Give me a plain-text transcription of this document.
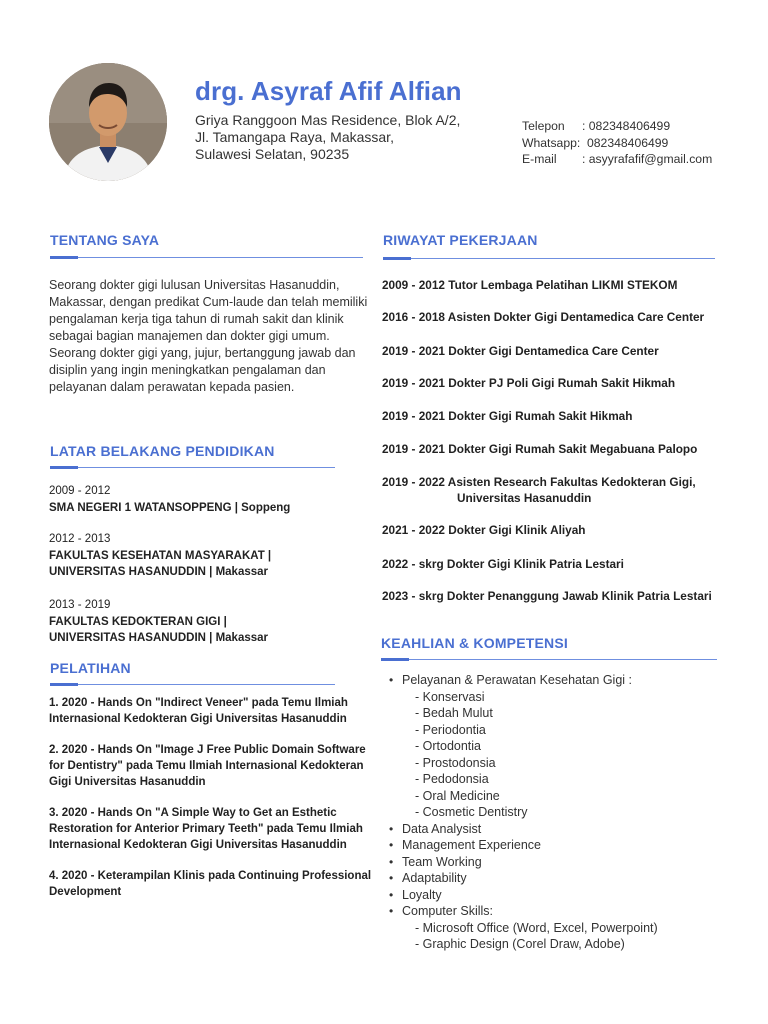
drg. Asyraf Afif Alfian
Griya Ranggoon Mas Residence, Blok A/2,
Jl. Tamangapa Raya, Makassar,
Sulawesi Selatan, 90235
Telepon	: 082348406499
Whatsapp: 082348406499
E-mail	: asyyrafafif@gmail.com
TENTANG SAYA
Seorang dokter gigi lulusan Universitas Hasanuddin, Makassar, dengan predikat Cum-laude dan telah memiliki pengalaman kerja tiga tahun di rumah sakit dan klinik sebagai bagian manajemen dan dokter gigi umum. Seorang dokter gigi yang, jujur, bertanggung jawab dan disiplin yang ingin meningkatkan pengalaman dan pelayanan dalam perawatan kepada pasien.
LATAR BELAKANG PENDIDIKAN
2009 - 2012
SMA NEGERI 1 WATANSOPPENG | Soppeng
2012 - 2013
FAKULTAS KESEHATAN MASYARAKAT |
UNIVERSITAS HASANUDDIN | Makassar
2013 - 2019
FAKULTAS KEDOKTERAN GIGI |
UNIVERSITAS HASANUDDIN | Makassar
PELATIHAN
1. 2020 - Hands On "Indirect Veneer" pada Temu Ilmiah Internasional Kedokteran Gigi Universitas Hasanuddin
2. 2020 - Hands On "Image J Free Public Domain Software for Dentistry" pada Temu Ilmiah Internasional Kedokteran Gigi Universitas Hasanuddin
3. 2020 - Hands On "A Simple Way to Get an Esthetic Restoration for Anterior Primary Teeth" pada Temu Ilmiah Internasional Kedokteran Gigi Universitas Hasanuddin
4. 2020 - Keterampilan Klinis pada Continuing Professional Development
RIWAYAT PEKERJAAN
2009 - 2012 Tutor Lembaga Pelatihan LIKMI STEKOM
2016 - 2018 Asisten Dokter Gigi Dentamedica Care Center
2019 - 2021 Dokter Gigi Dentamedica Care Center
2019 - 2021 Dokter PJ Poli Gigi Rumah Sakit Hikmah
2019 - 2021 Dokter Gigi Rumah Sakit Hikmah
2019 - 2021 Dokter Gigi Rumah Sakit Megabuana Palopo
2019 - 2022 Asisten Research Fakultas Kedokteran Gigi,
Universitas Hasanuddin
2021 - 2022 Dokter Gigi Klinik Aliyah
2022 - skrg Dokter Gigi Klinik Patria Lestari
2023 - skrg Dokter Penanggung Jawab Klinik Patria Lestari
KEAHLIAN & KOMPETENSI
• Pelayanan & Perawatan Kesehatan Gigi :
- Konservasi
- Bedah Mulut
- Periodontia
- Ortodontia
- Prostodonsia
- Pedodonsia
- Oral Medicine
- Cosmetic Dentistry
• Data Analysist
• Management Experience
• Team Working
• Adaptability
• Loyalty
• Computer Skills:
- Microsoft Office (Word, Excel, Powerpoint)
- Graphic Design (Corel Draw, Adobe)
